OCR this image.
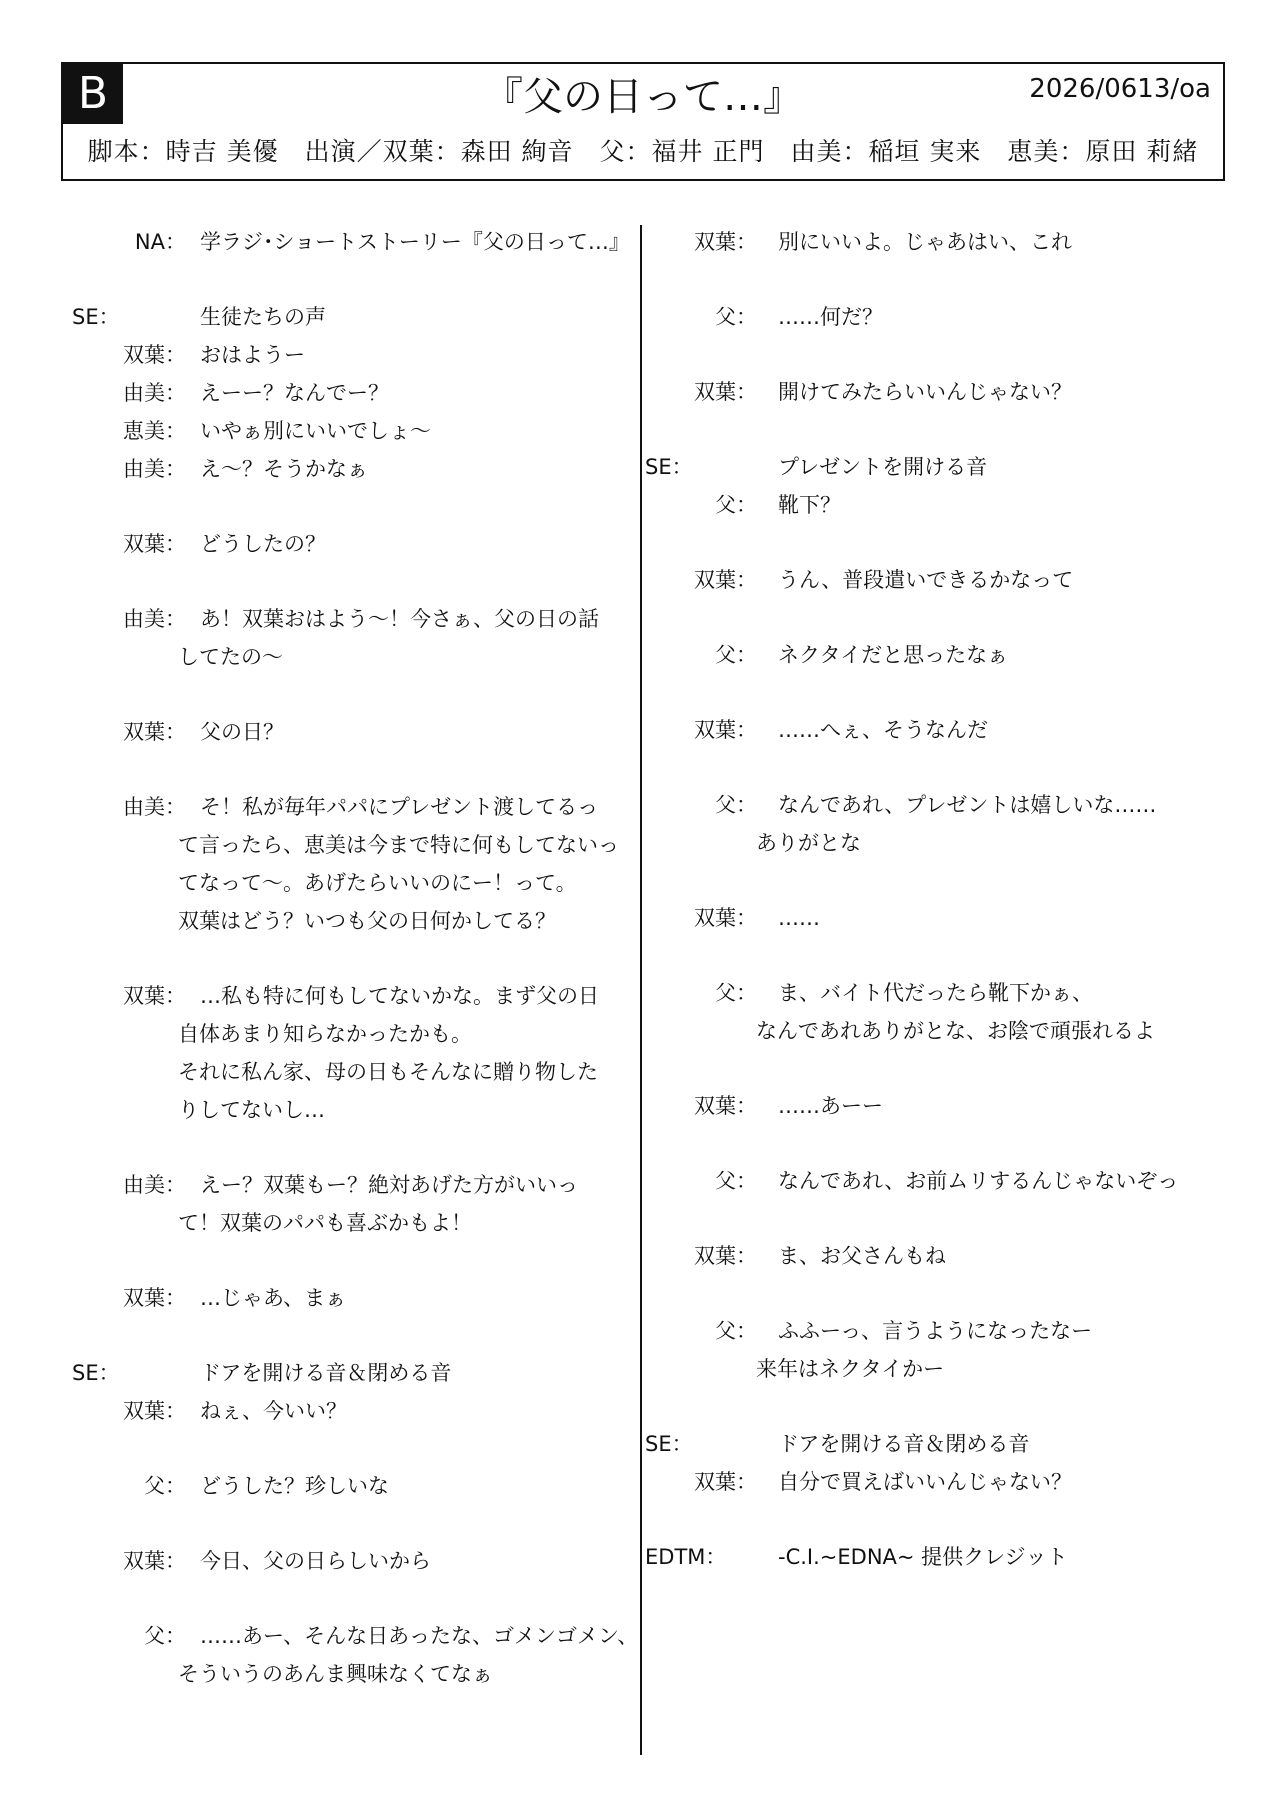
B	『父の日って…』	2026/0613/oa
脚本：時吉 美優　出演／双葉：森田 絢音　父：福井 正門　由美：稲垣 実来　恵美：原田 莉緒
NA： 学ラジ･ショートストーリー『父の日って…』
SE：	生徒たちの声
双葉： おはようー
由美： えーー？なんでー？
恵美： いやぁ別にいいでしょ～
由美： え～？そうかなぁ
双葉： どうしたの？
由美： あ！双葉おはよう～！今さぁ、父の日の話
してたの～
双葉： 父の日？
由美： そ！私が毎年パパにプレゼント渡してるっ
て言ったら、恵美は今まで特に何もしてないっ
てなって～。あげたらいいのにー！って。
双葉はどう？いつも父の日何かしてる？
双葉： …私も特に何もしてないかな。まず父の日
自体あまり知らなかったかも。
それに私ん家、母の日もそんなに贈り物した
りしてないし…
由美： えー？双葉もー？絶対あげた方がいいっ
て！双葉のパパも喜ぶかもよ！
双葉： …じゃあ、まぁ
SE：	ドアを開ける音＆閉める音
双葉： ねぇ、今いい？
父： どうした？珍しいな
双葉： 今日、父の日らしいから
父： ……あー、そんな日あったな、ゴメンゴメン、
そういうのあんま興味なくてなぁ
双葉： 別にいいよ。じゃあはい、これ
父： ……何だ？
双葉： 開けてみたらいいんじゃない？
SE：	プレゼントを開ける音
父： 靴下？
双葉： うん、普段遣いできるかなって
父： ネクタイだと思ったなぁ
双葉： ……へぇ、そうなんだ
父： なんであれ、プレゼントは嬉しいな……
ありがとな
双葉： ……
父： ま、バイト代だったら靴下かぁ、
なんであれありがとな、お陰で頑張れるよ
双葉： ……あーー
父： なんであれ、お前ムリするんじゃないぞっ
双葉： ま、お父さんもね
父： ふふーっ、言うようになったなー
来年はネクタイかー
SE：	ドアを開ける音＆閉める音
双葉： 自分で買えばいいんじゃない？
EDTM： -C.I.~EDNA~ 提供クレジット
